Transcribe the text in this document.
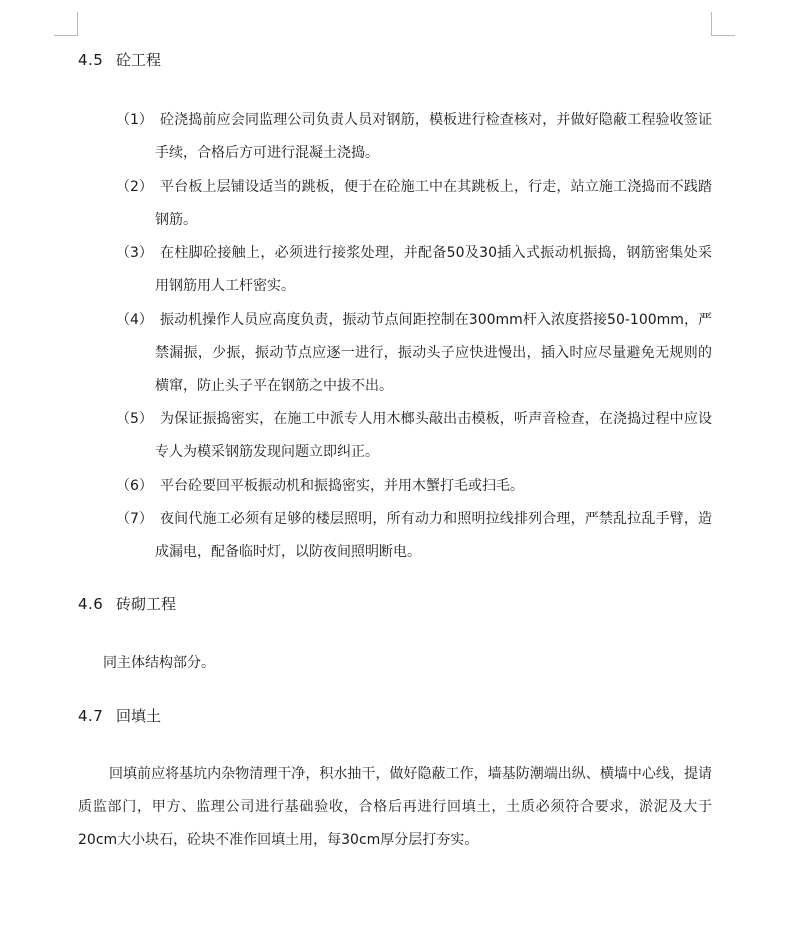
4.5 砼工程
（1） 砼浇捣前应会同监理公司负责人员对钢筋，模板进行检查核对，并做好隐蔽工程验收签证手续，合格后方可进行混凝土浇捣。
（2） 平台板上层铺设适当的跳板，便于在砼施工中在其跳板上，行走，站立施工浇捣而不践踏钢筋。
（3） 在柱脚砼接触上，必须进行接浆处理，并配备50及30插入式振动机振捣，钢筋密集处采用钢筋用人工杆密实。
（4） 振动机操作人员应高度负责，振动节点间距控制在300mm杆入浓度搭接50-100mm，严禁漏振，少振，振动节点应逐一进行，振动头子应快进慢出，插入时应尽量避免无规则的横窜，防止头子平在钢筋之中拔不出。
（5） 为保证振捣密实，在施工中派专人用木榔头敲出击模板，听声音检查，在浇捣过程中应设专人为模采钢筋发现问题立即纠正。
（6） 平台砼要回平板振动机和振捣密实，并用木蟹打毛或扫毛。
（7） 夜间代施工必须有足够的楼层照明，所有动力和照明拉线排列合理，严禁乱拉乱手臂，造成漏电，配备临时灯，以防夜间照明断电。
4.6 砖砌工程
同主体结构部分。
4.7 回填土
回填前应将基坑内杂物清理干净，积水抽干，做好隐蔽工作，墙基防潮端出纵、横墙中心线，提请质监部门，甲方、监理公司进行基础验收，合格后再进行回填土，土质必须符合要求，淤泥及大于20cm大小块石，砼块不准作回填土用，每30cm厚分层打夯实。
